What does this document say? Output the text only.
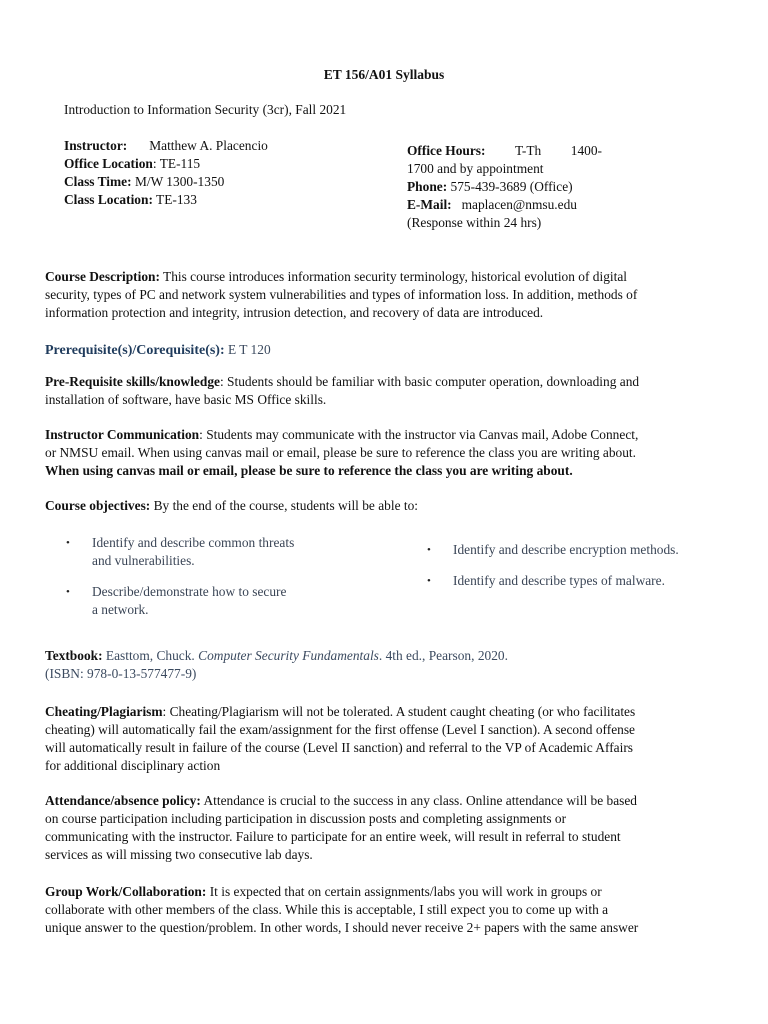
ET 156/A01 Syllabus
Introduction to Information Security (3cr), Fall 2021
Instructor: Matthew A. Placencio
Office Location: TE-115
Class Time: M/W 1300-1350
Class Location: TE-133
Office Hours: T-Th 1400-
1700 and by appointment
Phone: 575-439-3689 (Office)
E-Mail: maplacen@nmsu.edu
(Response within 24 hrs)
Course Description: This course introduces information security terminology, historical evolution of digital
security, types of PC and network system vulnerabilities and types of information loss. In addition, methods of
information protection and integrity, intrusion detection, and recovery of data are introduced.
Prerequisite(s)/Corequisite(s): E T 120
Pre-Requisite skills/knowledge: Students should be familiar with basic computer operation, downloading and
installation of software, have basic MS Office skills.
Instructor Communication: Students may communicate with the instructor via Canvas mail, Adobe Connect,
or NMSU email. When using canvas mail or email, please be sure to reference the class you are writing about.
When using canvas mail or email, please be sure to reference the class you are writing about.
Course objectives: By the end of the course, students will be able to:
•	Identify and describe common threats
and vulnerabilities.
•	Describe/demonstrate how to secure
a network.
•	Identify and describe encryption methods.
•	Identify and describe types of malware.
Textbook: Easttom, Chuck. Computer Security Fundamentals. 4th ed., Pearson, 2020.
(ISBN: 978-0-13-577477-9)
Cheating/Plagiarism: Cheating/Plagiarism will not be tolerated. A student caught cheating (or who facilitates
cheating) will automatically fail the exam/assignment for the first offense (Level I sanction). A second offense
will automatically result in failure of the course (Level II sanction) and referral to the VP of Academic Affairs
for additional disciplinary action
Attendance/absence policy: Attendance is crucial to the success in any class. Online attendance will be based
on course participation including participation in discussion posts and completing assignments or
communicating with the instructor. Failure to participate for an entire week, will result in referral to student
services as will missing two consecutive lab days.
Group Work/Collaboration: It is expected that on certain assignments/labs you will work in groups or
collaborate with other members of the class. While this is acceptable, I still expect you to come up with a
unique answer to the question/problem. In other words, I should never receive 2+ papers with the same answer
